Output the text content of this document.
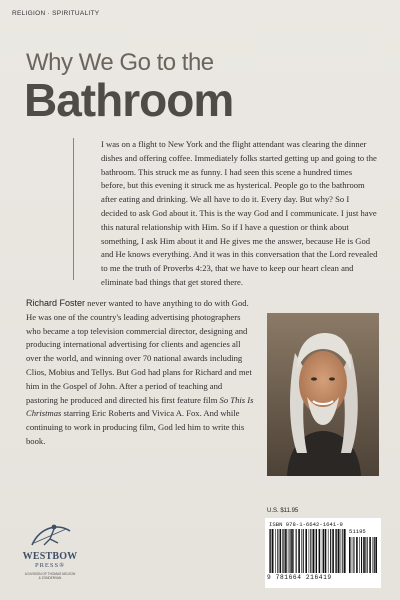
RELIGION · SPIRITUALITY
Why We Go to the
Bathroom
I was on a flight to New York and the flight attendant was clearing the dinner dishes and offering coffee. Immediately folks started getting up and going to the bathroom. This struck me as funny. I had seen this scene a hundred times before, but this evening it struck me as hysterical. People go to the bathroom after eating and drinking. We all have to do it. Every day. But why? So I decided to ask God about it. This is the way God and I communicate. I just have this natural relationship with Him. So if I have a question or think about something, I ask Him about it and He gives me the answer, because He is God and He knows everything. And it was in this conversation that the Lord revealed to me the truth of Proverbs 4:23, that we have to keep our heart clean and eliminate bad things that get stored there.
Richard Foster never wanted to have anything to do with God. He was one of the country's leading advertising photographers who became a top television commercial director, designing and producing international advertising for clients and agencies all over the world, and winning over 70 national awards including Clios, Mobius and Tellys. But God had plans for Richard and met him in the Gospel of John. After a period of teaching and pastoring he produced and directed his first feature film So This Is Christmas starring Eric Roberts and Vivica A. Fox. And while continuing to work in producing film, God led him to write this book.
U.S. $11.95
ISBN 978-1-6642-1641-9
51195
9 781664 216419
WESTBOW
PRESS®
A DIVISION OF THOMAS NELSON
& ZONDERVAN
